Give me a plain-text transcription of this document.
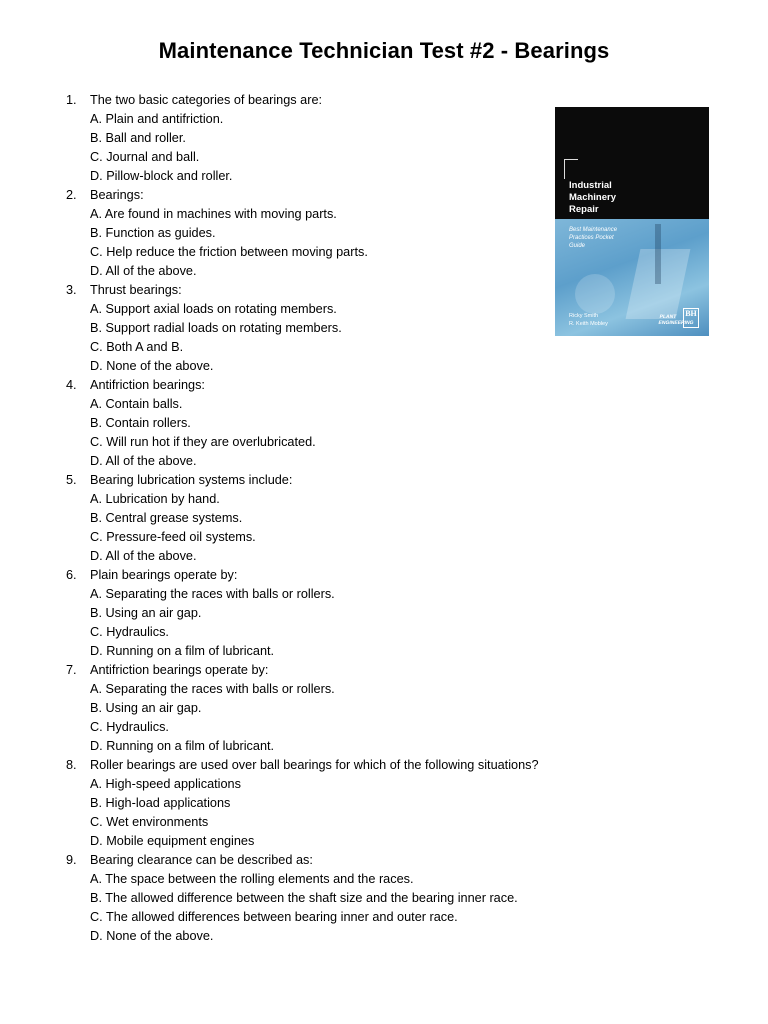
Maintenance Technician Test #2 - Bearings
1. The two basic categories of bearings are:
A. Plain and antifriction.
B. Ball and roller.
C. Journal and ball.
D. Pillow-block and roller.
2. Bearings:
A. Are found in machines with moving parts.
B. Function as guides.
C. Help reduce the friction between moving parts.
D. All of the above.
3. Thrust bearings:
A. Support axial loads on rotating members.
B. Support radial loads on rotating members.
C. Both A and B.
D. None of the above.
4. Antifriction bearings:
A. Contain balls.
B. Contain rollers.
C. Will run hot if they are overlubricated.
D. All of the above.
5. Bearing lubrication systems include:
A. Lubrication by hand.
B. Central grease systems.
C. Pressure-feed oil systems.
D. All of the above.
6. Plain bearings operate by:
A. Separating the races with balls or rollers.
B. Using an air gap.
C. Hydraulics.
D. Running on a film of lubricant.
7. Antifriction bearings operate by:
A. Separating the races with balls or rollers.
B. Using an air gap.
C. Hydraulics.
D. Running on a film of lubricant.
8. Roller bearings are used over ball bearings for which of the following situations?
A. High-speed applications
B. High-load applications
C. Wet environments
D. Mobile equipment engines
9. Bearing clearance can be described as:
A. The space between the rolling elements and the races.
B. The allowed difference between the shaft size and the bearing inner race.
C. The allowed differences between bearing inner and outer race.
D. None of the above.
Industrial
Machinery
Repair
Best Maintenance
Practices Pocket
Guide
Ricky Smith
R. Keith Mobley
PLANT
ENGINEERING
BH
